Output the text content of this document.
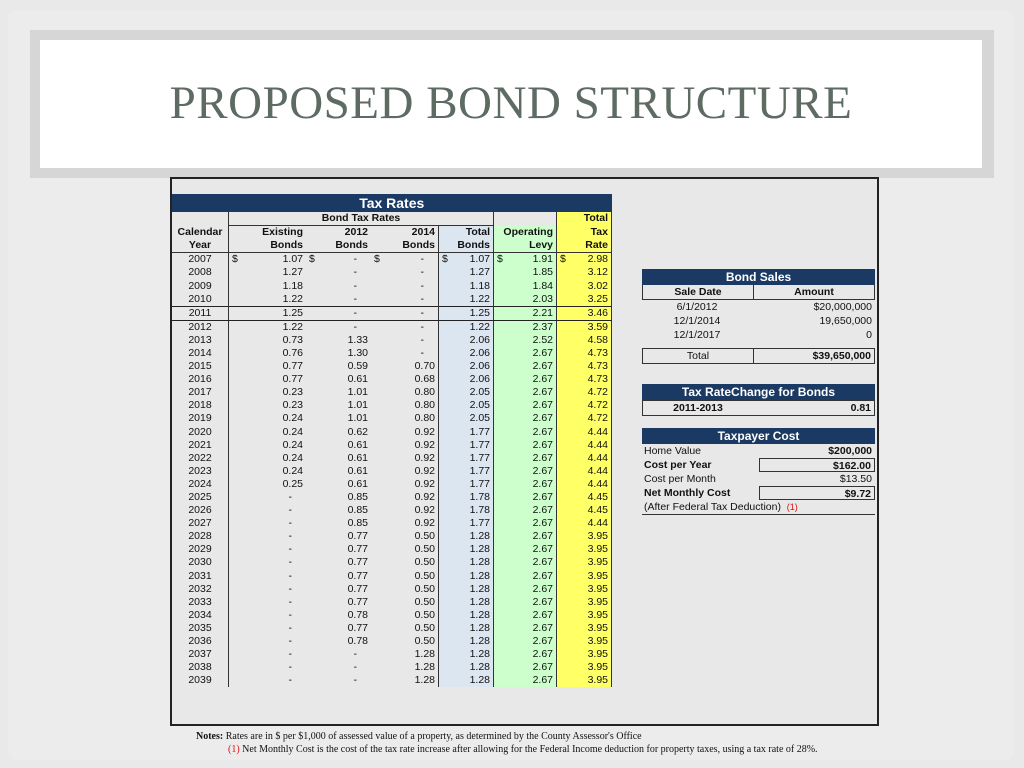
PROPOSED BOND STRUCTURE
Tax Rates						
	Bond Tax Rates					Total
Calendar	Existing	2012	2014	Total	Operating	Tax
Year	Bonds	Bonds	Bonds	Bonds	Levy	Rate
2007	$ 1.07	$ -	$ -	$ 1.07	$ 1.91	$ 2.98
2008	1.27	-	-	1.27	1.85	3.12
2009	1.18	-	-	1.18	1.84	3.02
2010	1.22	-	-	1.22	2.03	3.25
2011	1.25	-	-	1.25	2.21	3.46
2012	1.22	-	-	1.22	2.37	3.59
2013	0.73	1.33	-	2.06	2.52	4.58
2014	0.76	1.30	-	2.06	2.67	4.73
2015	0.77	0.59	0.70	2.06	2.67	4.73
2016	0.77	0.61	0.68	2.06	2.67	4.73
2017	0.23	1.01	0.80	2.05	2.67	4.72
2018	0.23	1.01	0.80	2.05	2.67	4.72
2019	0.24	1.01	0.80	2.05	2.67	4.72
2020	0.24	0.62	0.92	1.77	2.67	4.44
2021	0.24	0.61	0.92	1.77	2.67	4.44
2022	0.24	0.61	0.92	1.77	2.67	4.44
2023	0.24	0.61	0.92	1.77	2.67	4.44
2024	0.25	0.61	0.92	1.77	2.67	4.44
2025	-	0.85	0.92	1.78	2.67	4.45
2026	-	0.85	0.92	1.78	2.67	4.45
2027	-	0.85	0.92	1.77	2.67	4.44
2028	-	0.77	0.50	1.28	2.67	3.95
2029	-	0.77	0.50	1.28	2.67	3.95
2030	-	0.77	0.50	1.28	2.67	3.95
2031	-	0.77	0.50	1.28	2.67	3.95
2032	-	0.77	0.50	1.28	2.67	3.95
2033	-	0.77	0.50	1.28	2.67	3.95
2034	-	0.78	0.50	1.28	2.67	3.95
2035	-	0.77	0.50	1.28	2.67	3.95
2036	-	0.78	0.50	1.28	2.67	3.95
2037	-	-	1.28	1.28	2.67	3.95
2038	-	-	1.28	1.28	2.67	3.95
2039	-	-	1.28	1.28	2.67	3.95
Bond Sales
Sale Date	Amount
6/1/2012	$20,000,000
12/1/2014	19,650,000
12/1/2017	0
Total	$39,650,000
Tax RateChange for Bonds
2011-2013	0.81
Taxpayer Cost
Home Value	$200,000
Cost per Year	$162.00
Cost per Month	$13.50
Net Monthly Cost	$9.72
(After Federal Tax Deduction)
(1)
Notes: Rates are in $ per $1,000 of assessed value of a property, as determined by the County Assessor's Office
(1) Net Monthly Cost is the cost of the tax rate increase after allowing for the Federal Income deduction for property taxes, using a tax rate of 28%.
